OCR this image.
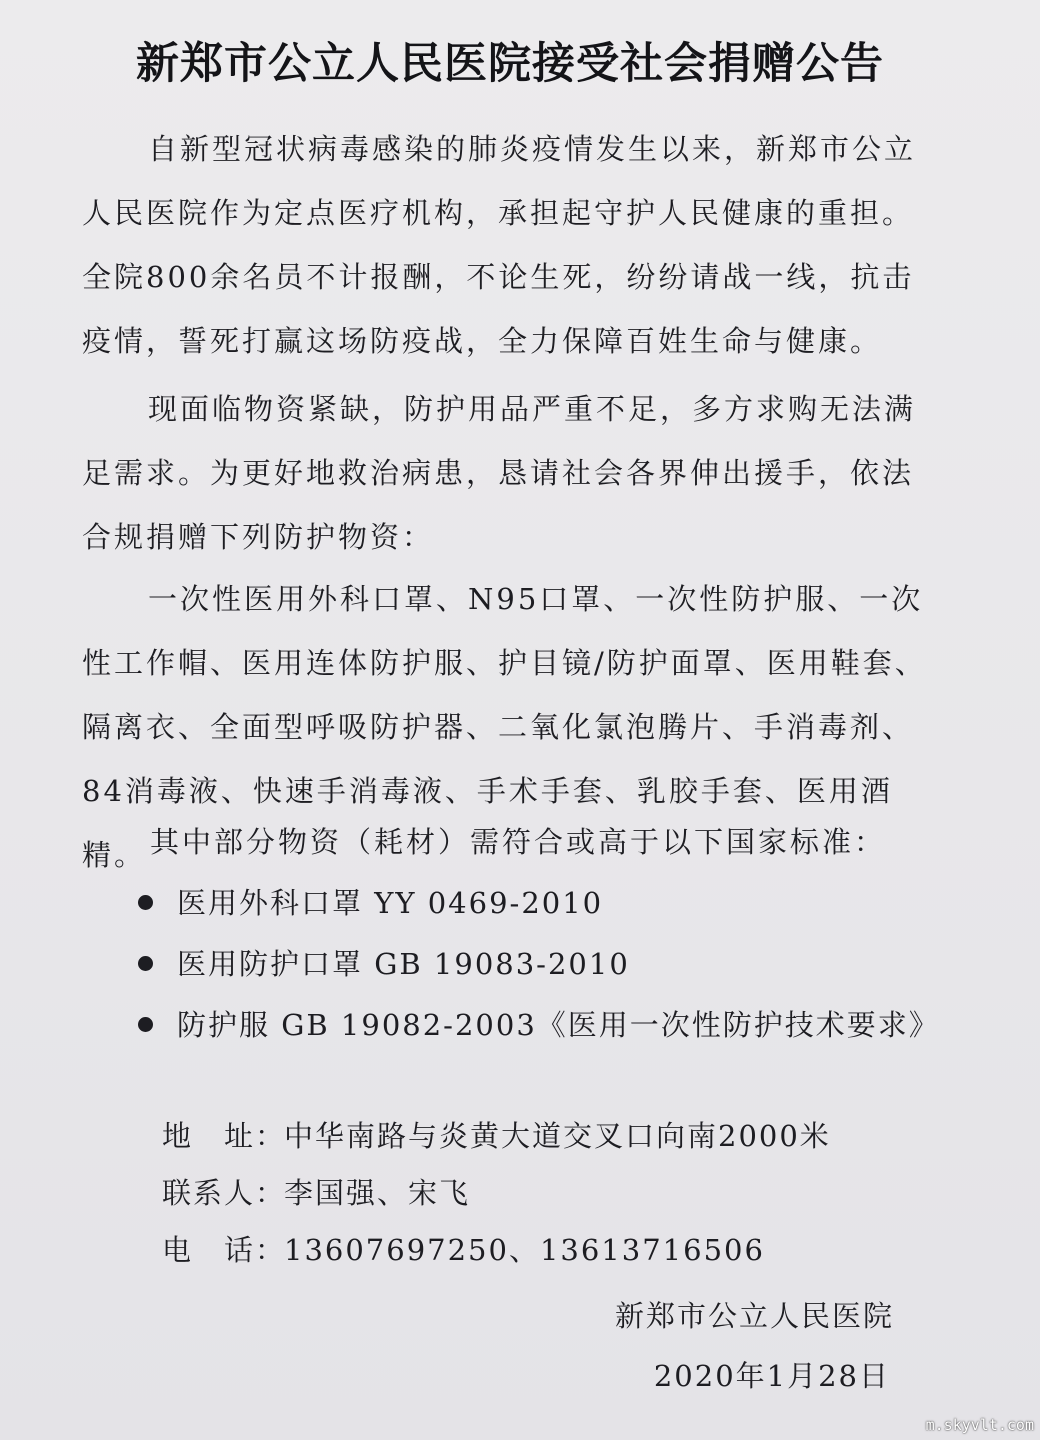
新郑市公立人民医院接受社会捐赠公告

自新型冠状病毒感染的肺炎疫情发生以来，新郑市公立人民医院作为定点医疗机构，承担起守护人民健康的重担。全院800余名员不计报酬，不论生死，纷纷请战一线，抗击疫情，誓死打赢这场防疫战，全力保障百姓生命与健康。

现面临物资紧缺，防护用品严重不足，多方求购无法满足需求。为更好地救治病患，恳请社会各界伸出援手，依法合规捐赠下列防护物资：

一次性医用外科口罩、N95口罩、一次性防护服、一次性工作帽、医用连体防护服、护目镜/防护面罩、医用鞋套、隔离衣、全面型呼吸防护器、二氧化氯泡腾片、手消毒剂、84消毒液、快速手消毒液、手术手套、乳胶手套、医用酒精。 其中部分物资（耗材）需符合或高于以下国家标准：
医用外科口罩 YY 0469-2010
医用防护口罩 GB 19083-2010
防护服 GB 19082-2003《医用一次性防护技术要求》
地　址：中华南路与炎黄大道交叉口向南2000米
联系人：李国强、宋飞
电　话：13607697250、13613716506
新郑市公立人民医院
2020年1月28日
m.skyvlt.com
